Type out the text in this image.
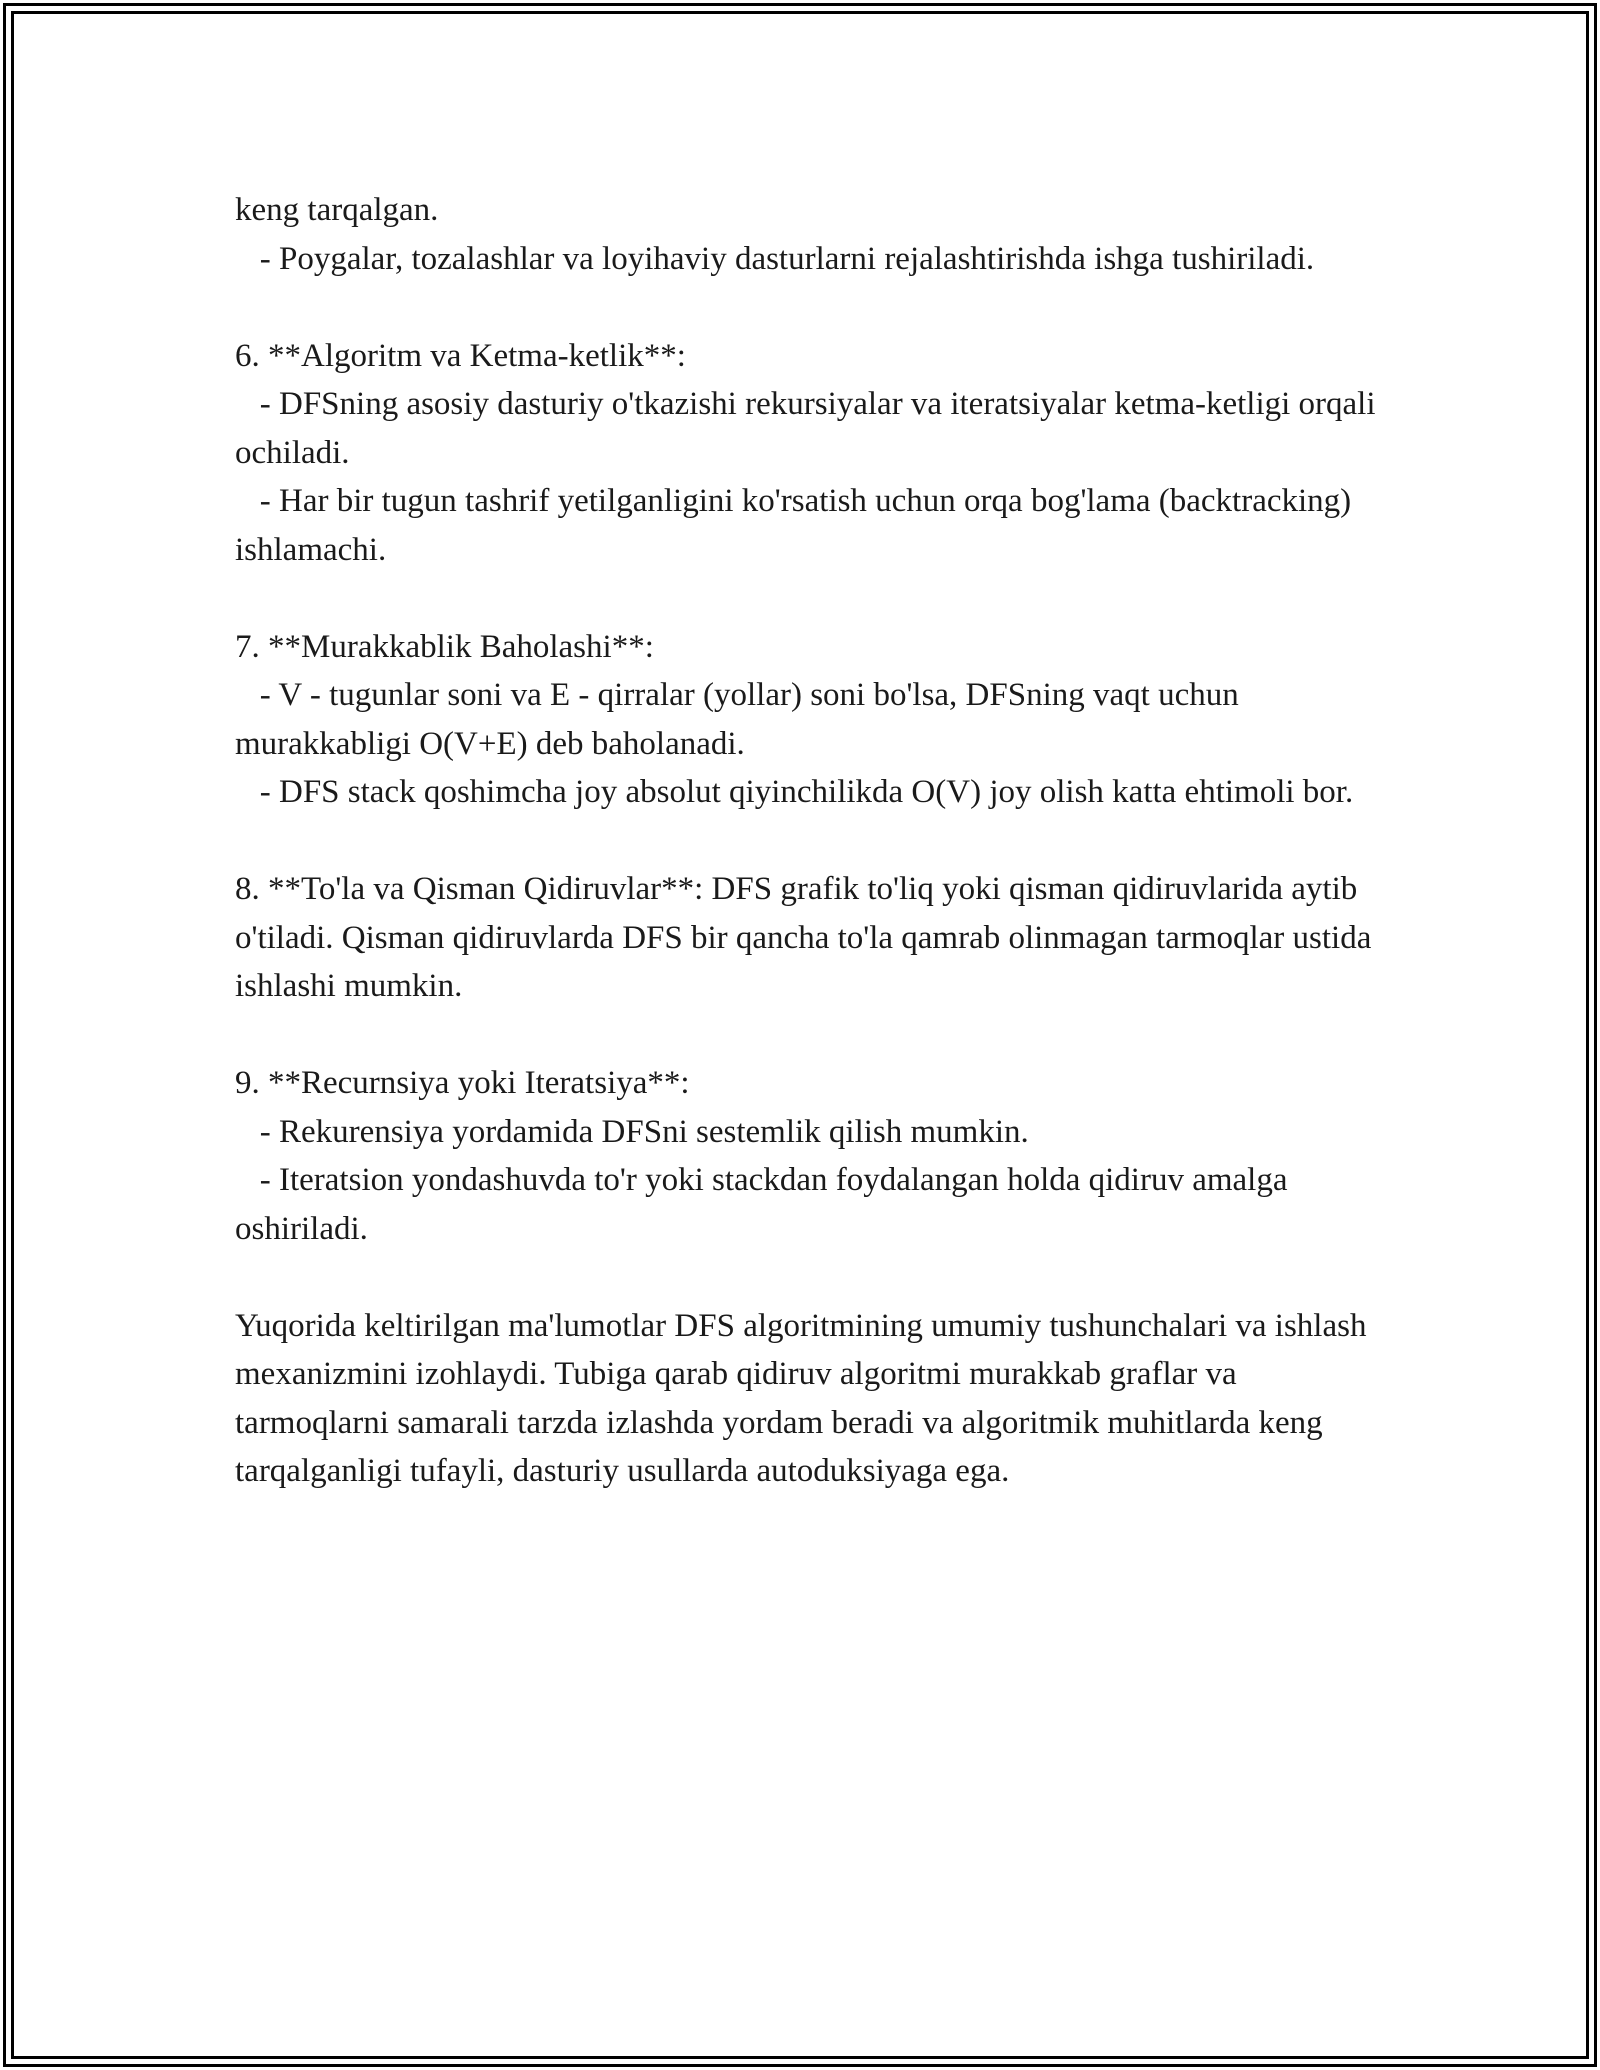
keng tarqalgan.
- Poygalar, tozalashlar va loyihaviy dasturlarni rejalashtirishda ishga tushiriladi.

6. **Algoritm va Ketma-ketlik**:
- DFSning asosiy dasturiy o'tkazishi rekursiyalar va iteratsiyalar ketma-ketligi orqali ochiladi.
- Har bir tugun tashrif yetilganligini ko'rsatish uchun orqa bog'lama (backtracking) ishlamachi.

7. **Murakkablik Baholashi**:
- V - tugunlar soni va E - qirralar (yollar) soni bo'lsa, DFSning vaqt uchun murakkabligi O(V+E) deb baholanadi.
- DFS stack qoshimcha joy absolut qiyinchilikda O(V) joy olish katta ehtimoli bor.

8. **To'la va Qisman Qidiruvlar**: DFS grafik to'liq yoki qisman qidiruvlarida aytib o'tiladi. Qisman qidiruvlarda DFS bir qancha to'la qamrab olinmagan tarmoqlar ustida ishlashi mumkin.

9. **Recurnsiya yoki Iteratsiya**:
- Rekurensiya yordamida DFSni sestemlik qilish mumkin.
- Iteratsion yondashuvda to'r yoki stackdan foydalangan holda qidiruv amalga oshiriladi.

Yuqorida keltirilgan ma'lumotlar DFS algoritmining umumiy tushunchalari va ishlash mexanizmini izohlaydi. Tubiga qarab qidiruv algoritmi murakkab graflar va tarmoqlarni samarali tarzda izlashda yordam beradi va algoritmik muhitlarda keng tarqalganligi tufayli, dasturiy usullarda autoduksiyaga ega.
